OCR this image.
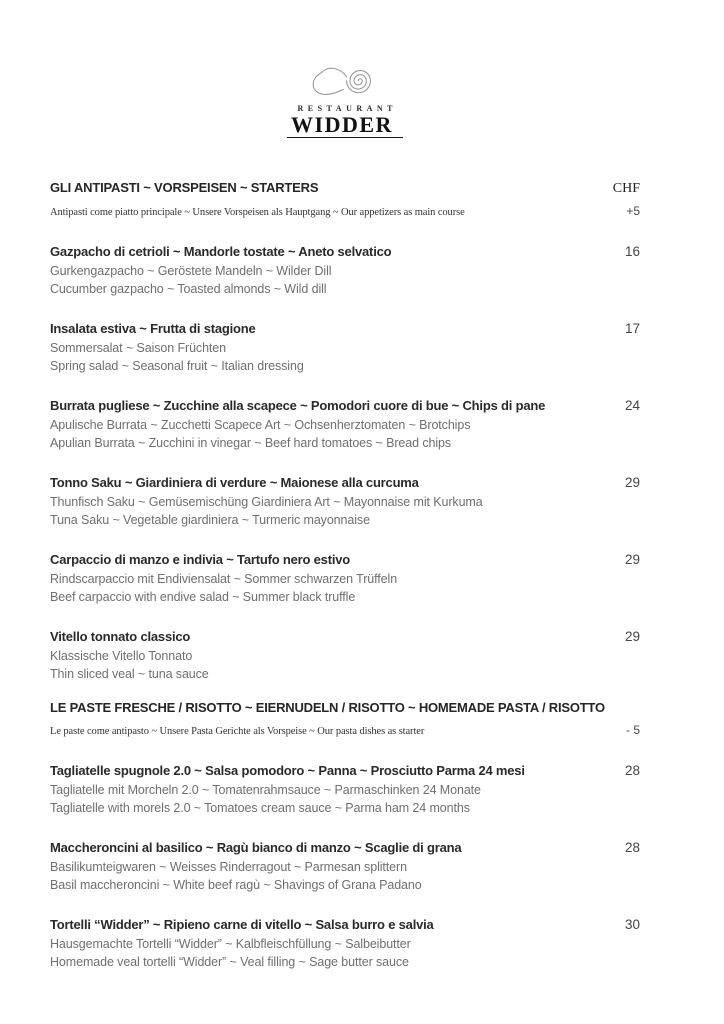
RESTAURANT
WIDDER
GLI ANTIPASTI ~ VORSPEISEN ~ STARTERS	CHF
Antipasti come piatto principale ~ Unsere Vorspeisen als Hauptgang ~ Our appetizers as main course	+5
Gazpacho di cetrioli ~ Mandorle tostate ~ Aneto selvatico	16
Gurkengazpacho ~ Geröstete Mandeln ~ Wilder Dill
Cucumber gazpacho ~ Toasted almonds ~ Wild dill
Insalata estiva ~ Frutta di stagione	17
Sommersalat ~ Saison Früchten
Spring salad ~ Seasonal fruit ~ Italian dressing
Burrata pugliese ~ Zucchine alla scapece ~ Pomodori cuore di bue ~ Chips di pane	24
Apulische Burrata ~ Zucchetti Scapece Art ~ Ochsenherztomaten ~ Brotchips
Apulian Burrata ~ Zucchini in vinegar ~ Beef hard tomatoes ~ Bread chips
Tonno Saku ~ Giardiniera di verdure ~ Maionese alla curcuma	29
Thunfisch Saku ~ Gemüsemischüng Giardiniera Art ~ Mayonnaise mit Kurkuma
Tuna Saku ~ Vegetable giardiniera ~ Turmeric mayonnaise
Carpaccio di manzo e indivia ~ Tartufo nero estivo	29
Rindscarpaccio mit Endiviensalat ~ Sommer schwarzen Trüffeln
Beef carpaccio with endive salad ~ Summer black truffle
Vitello tonnato classico	29
Klassische Vitello Tonnato
Thin sliced veal ~ tuna sauce
LE PASTE FRESCHE / RISOTTO ~ EIERNUDELN / RISOTTO ~ HOMEMADE PASTA / RISOTTO
Le paste come antipasto ~ Unsere Pasta Gerichte als Vorspeise ~ Our pasta dishes as starter	- 5
Tagliatelle spugnole 2.0 ~ Salsa pomodoro ~ Panna ~ Prosciutto Parma 24 mesi	28
Tagliatelle mit Morcheln 2.0 ~ Tomatenrahmsauce ~ Parmaschinken 24 Monate
Tagliatelle with morels 2.0 ~ Tomatoes cream sauce ~ Parma ham 24 months
Maccheroncini al basilico ~ Ragù bianco di manzo ~ Scaglie di grana	28
Basilikumteigwaren ~ Weisses Rinderragout ~ Parmesan splittern
Basil maccheroncini ~ White beef ragù ~ Shavings of Grana Padano
Tortelli “Widder” ~ Ripieno carne di vitello ~ Salsa burro e salvia	30
Hausgemachte Tortelli “Widder” ~ Kalbfleischfüllung ~ Salbeibutter
Homemade veal tortelli “Widder” ~ Veal filling ~ Sage butter sauce
